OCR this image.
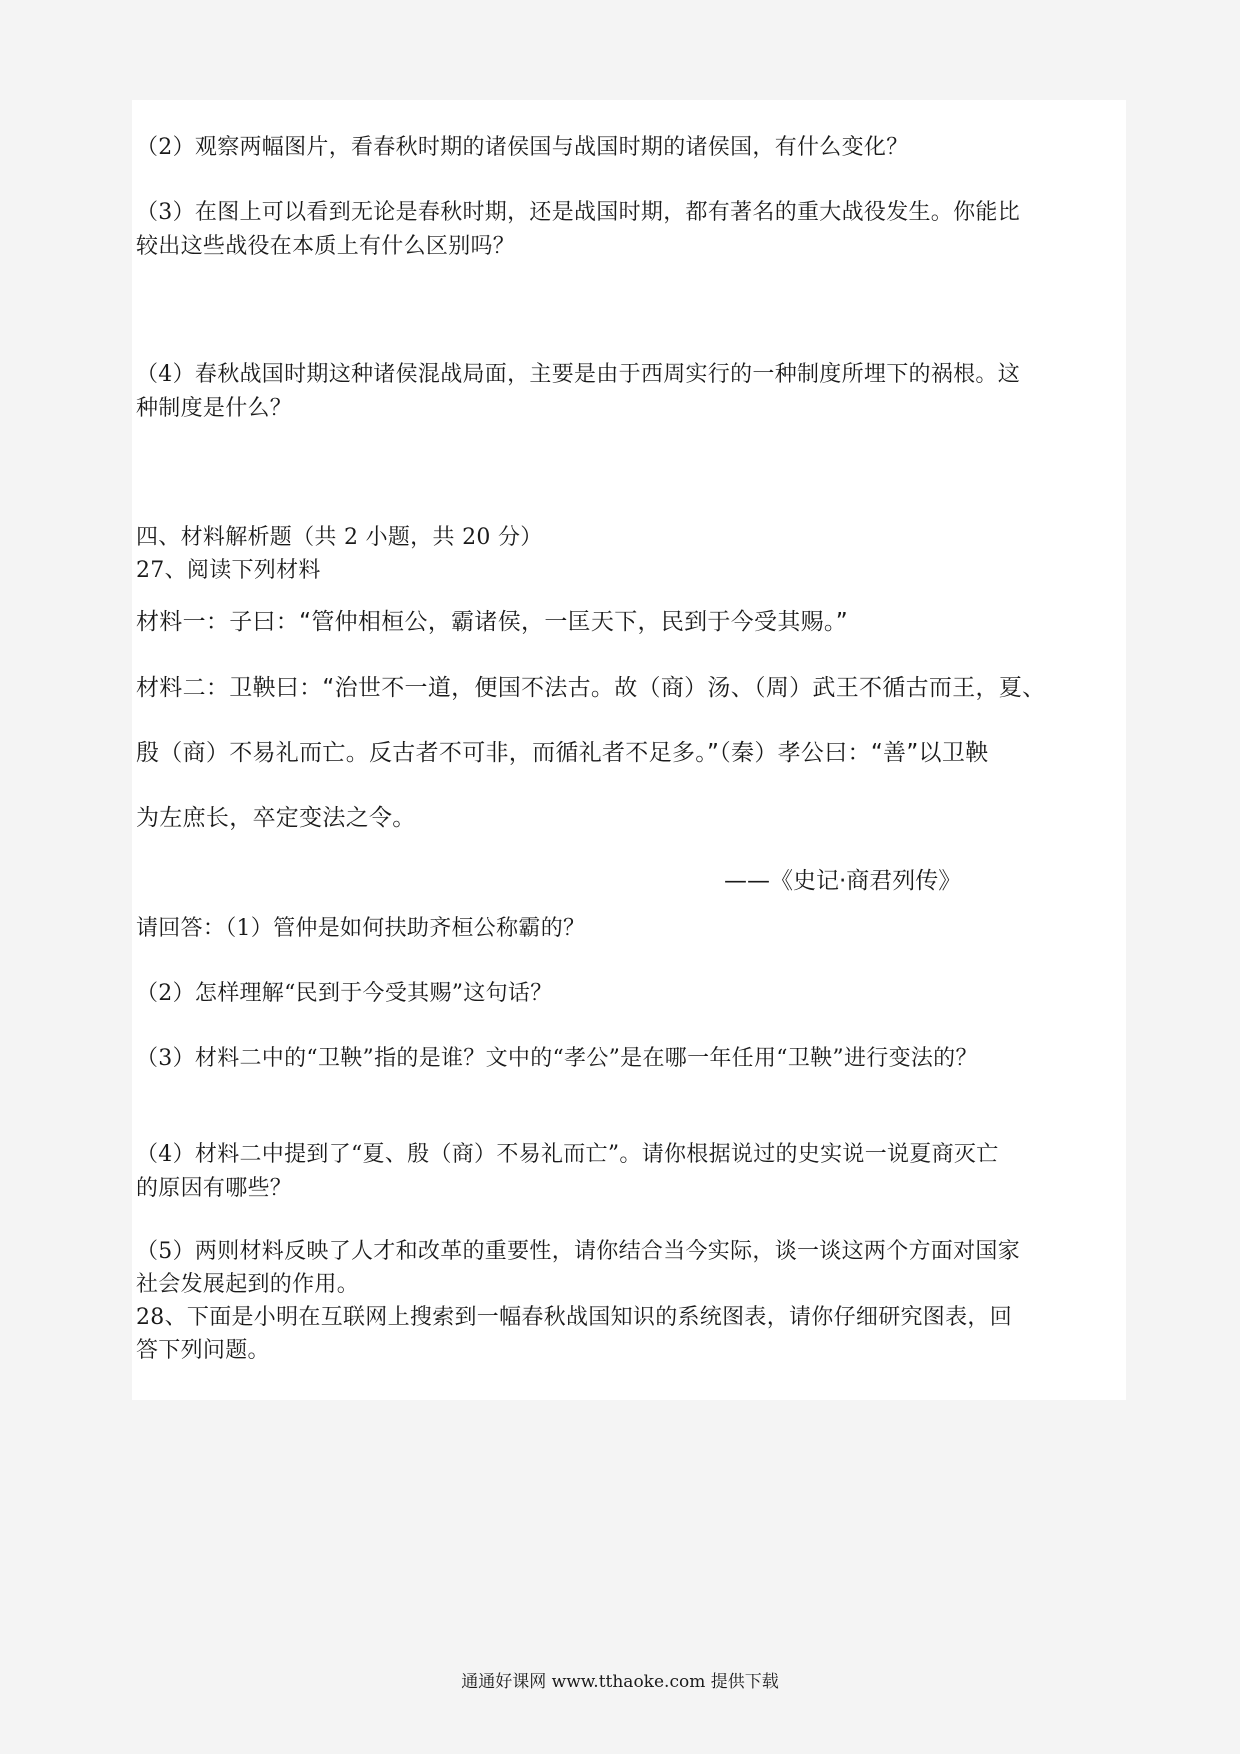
（2）观察两幅图片，看春秋时期的诸侯国与战国时期的诸侯国，有什么变化？
（3）在图上可以看到无论是春秋时期，还是战国时期，都有著名的重大战役发生。你能比
较出这些战役在本质上有什么区别吗？
（4）春秋战国时期这种诸侯混战局面，主要是由于西周实行的一种制度所埋下的祸根。这
种制度是什么？
四、材料解析题（共 2 小题，共 20 分）
27、阅读下列材料
材料一：子曰：“管仲相桓公，霸诸侯，一匡天下，民到于今受其赐。”
材料二：卫鞅曰：“治世不一道，便国不法古。故（商）汤、（周）武王不循古而王，夏、
殷（商）不易礼而亡。反古者不可非，而循礼者不足多。”（秦）孝公曰：“善”以卫鞅
为左庶长，卒定变法之令。
——《史记·商君列传》
请回答：（1）管仲是如何扶助齐桓公称霸的？
（2）怎样理解“民到于今受其赐”这句话？
（3）材料二中的“卫鞅”指的是谁？文中的“孝公”是在哪一年任用“卫鞅”进行变法的？
（4）材料二中提到了“夏、殷（商）不易礼而亡”。请你根据说过的史实说一说夏商灭亡
的原因有哪些？
（5）两则材料反映了人才和改革的重要性，请你结合当今实际，谈一谈这两个方面对国家
社会发展起到的作用。
28、下面是小明在互联网上搜索到一幅春秋战国知识的系统图表，请你仔细研究图表，回
答下列问题。
通通好课网 www.tthaoke.com 提供下载
